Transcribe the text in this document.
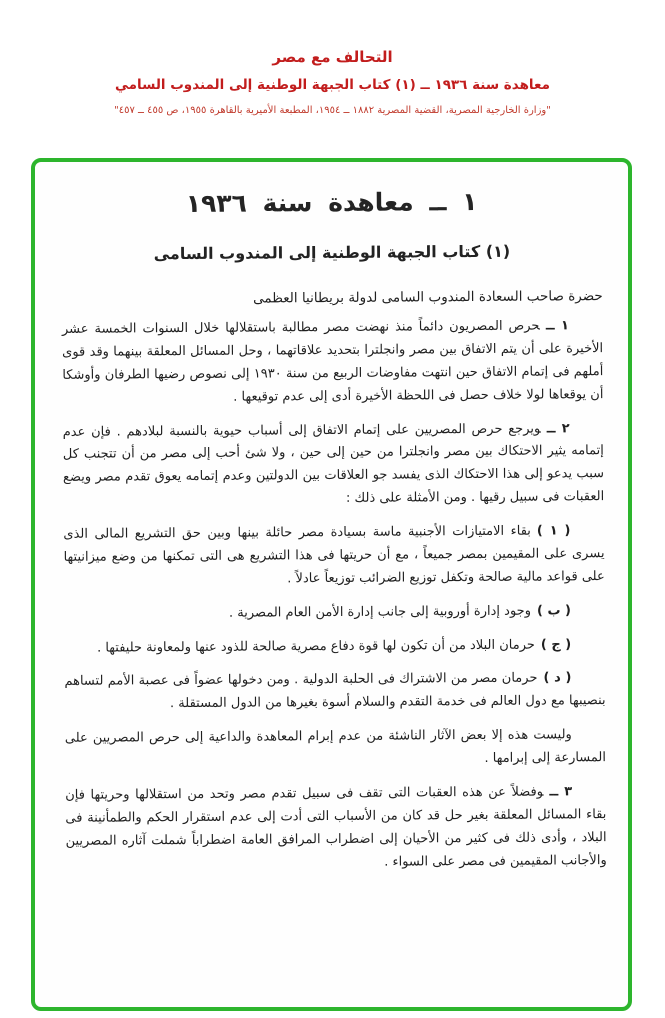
التحالف مع مصر
معاهدة سنة ١٩٣٦ ــ (١) كتاب الجبهة الوطنية إلى المندوب السامي
"وزارة الخارجية المصرية، القضية المصرية ١٨٨٢ ــ ١٩٥٤، المطبعة الأميرية بالقاهرة ١٩٥٥، ص ٤٥٥ ــ ٤٥٧"
١ ــ معاهدة سنة ١٩٣٦
(١) كتاب الجبهة الوطنية إلى المندوب السامى

حضرة صاحب السعادة المندوب السامى لدولة بريطانيا العظمى

١ ــحرص المصريون دائماً منذ نهضت مصر مطالبة باستقلالها خلال السنوات الخمسة عشر الأخيرة على أن يتم الاتفاق بين مصر وانجلترا بتحديد علاقاتهما ، وحل المسائل المعلقة بينهما وقد قوى أملهم فى إتمام الاتفاق حين انتهت مفاوضات الربيع من سنة ١٩٣٠ إلى نصوص رضيها الطرفان وأوشكا أن يوقعاها لولا خلاف حصل فى اللحظة الأخيرة أدى إلى عدم توقيعها .

٢ ــويرجع حرص المصريين على إتمام الاتفاق إلى أسباب حيوية بالنسبة لبلادهم . فإن عدم إتمامه يثير الاحتكاك بين مصر وانجلترا من حين إلى حين ، ولا شئ أحب إلى مصر من أن تتجنب كل سبب يدعو إلى هذا الاحتكاك الذى يفسد جو العلاقات بين الدولتين وعدم إتمامه يعوق تقدم مصر ويضع العقبات فى سبيل رقيها . ومن الأمثلة على ذلك :

( ١ )بقاء الامتيازات الأجنبية ماسة بسيادة مصر حائلة بينها وبين حق التشريع المالى الذى يسرى على المقيمين بمصر جميعاً ، مع أن حريتها فى هذا التشريع هى التى تمكنها من وضع ميزانيتها على قواعد مالية صالحة وتكفل توزيع الضرائب توزيعاً عادلاً .

( ب )وجود إدارة أوروبية إلى جانب إدارة الأمن العام المصرية .

( ج )حرمان البلاد من أن تكون لها قوة دفاع مصرية صالحة للذود عنها ولمعاونة حليفتها .

( د )حرمان مصر من الاشتراك فى الحلبة الدولية . ومن دخولها عضواً فى عصبة الأمم لتساهم بنصيبها مع دول العالم فى خدمة التقدم والسلام أسوة بغيرها من الدول المستقلة .

وليست هذه إلا بعض الآثار الناشئة من عدم إبرام المعاهدة والداعية إلى حرص المصريين على المسارعة إلى إبرامها .

٣ ــوفضلاً عن هذه العقبات التى تقف فى سبيل تقدم مصر وتحد من استقلالها وحريتها فإن بقاء المسائل المعلقة بغير حل قد كان من الأسباب التى أدت إلى عدم استقرار الحكم والطمأنينة فى البلاد ، وأدى ذلك فى كثير من الأحيان إلى اضطراب المرافق العامة اضطراباً شملت آثاره المصريين والأجانب المقيمين فى مصر على السواء .
